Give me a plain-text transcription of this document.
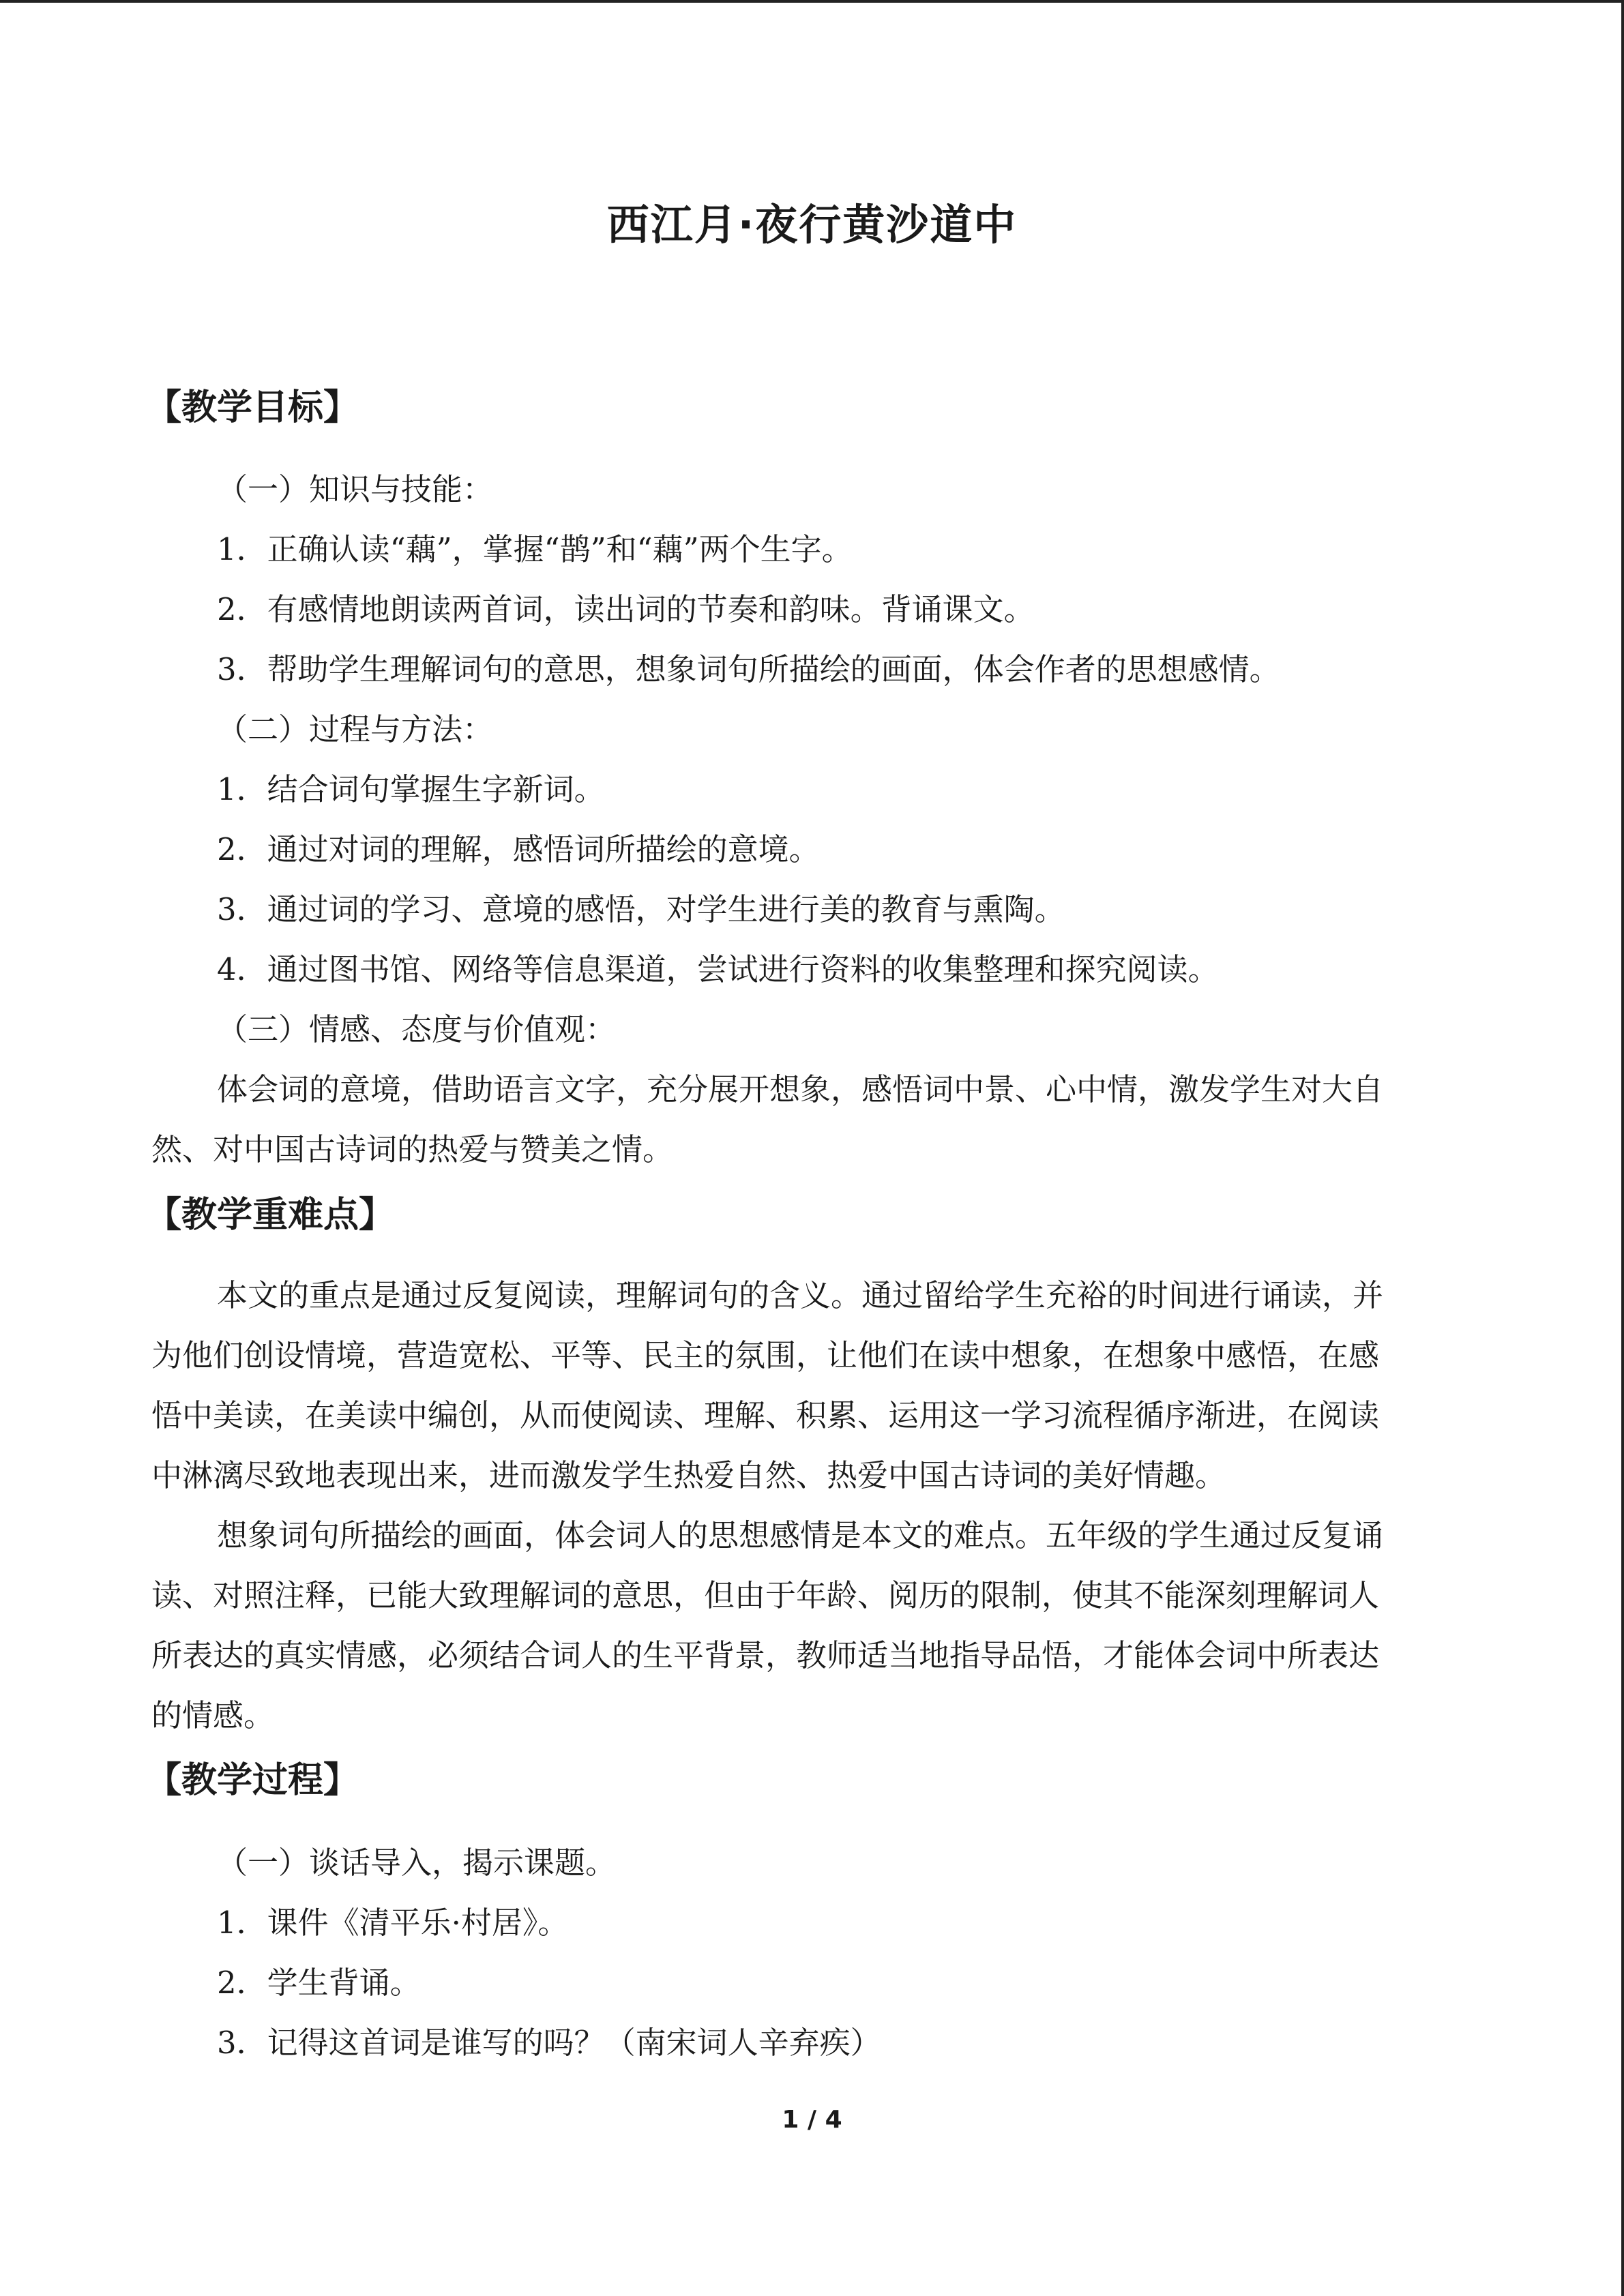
西江月·夜行黄沙道中
【教学目标】
（一）知识与技能：
1．正确认读“藕”，掌握“鹊”和“藕”两个生字。
2．有感情地朗读两首词，读出词的节奏和韵味。背诵课文。
3．帮助学生理解词句的意思，想象词句所描绘的画面，体会作者的思想感情。
（二）过程与方法：
1．结合词句掌握生字新词。
2．通过对词的理解，感悟词所描绘的意境。
3．通过词的学习、意境的感悟，对学生进行美的教育与熏陶。
4．通过图书馆、网络等信息渠道，尝试进行资料的收集整理和探究阅读。
（三）情感、态度与价值观：
体会词的意境，借助语言文字，充分展开想象，感悟词中景、心中情，激发学生对大自
然、对中国古诗词的热爱与赞美之情。
【教学重难点】
本文的重点是通过反复阅读，理解词句的含义。通过留给学生充裕的时间进行诵读，并
为他们创设情境，营造宽松、平等、民主的氛围，让他们在读中想象，在想象中感悟，在感
悟中美读，在美读中编创，从而使阅读、理解、积累、运用这一学习流程循序渐进，在阅读
中淋漓尽致地表现出来，进而激发学生热爱自然、热爱中国古诗词的美好情趣。
想象词句所描绘的画面，体会词人的思想感情是本文的难点。五年级的学生通过反复诵
读、对照注释，已能大致理解词的意思，但由于年龄、阅历的限制，使其不能深刻理解词人
所表达的真实情感，必须结合词人的生平背景，教师适当地指导品悟，才能体会词中所表达
的情感。
【教学过程】
（一）谈话导入，揭示课题。
1．课件《清平乐·村居》。
2．学生背诵。
3．记得这首词是谁写的吗？（南宋词人辛弃疾）
1 / 4
